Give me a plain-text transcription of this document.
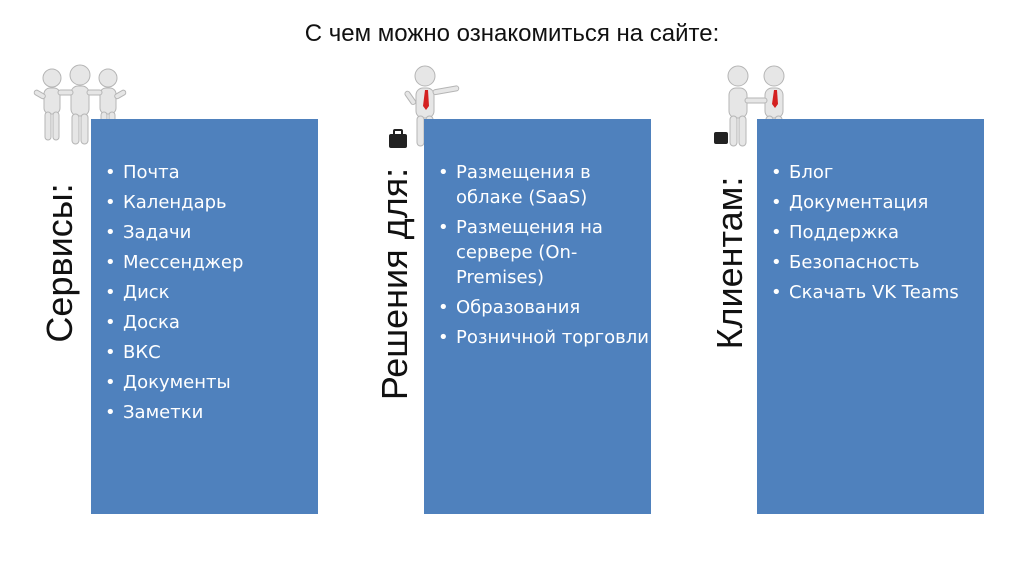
С чем можно ознакомиться на сайте:
Сервисы:
• Почта
• Календарь
• Задачи
• Мессенджер
• Диск
• Доска
• ВКС
• Документы
• Заметки
Решения для:
•	Размещения в облаке (SaaS)
• Размещения на сервере (On-Premises)
• Образования
• Розничной торговли Клиентам:
• Блог
• Документация
• Поддержка
• Безопасность
• Скачать VK Teams
